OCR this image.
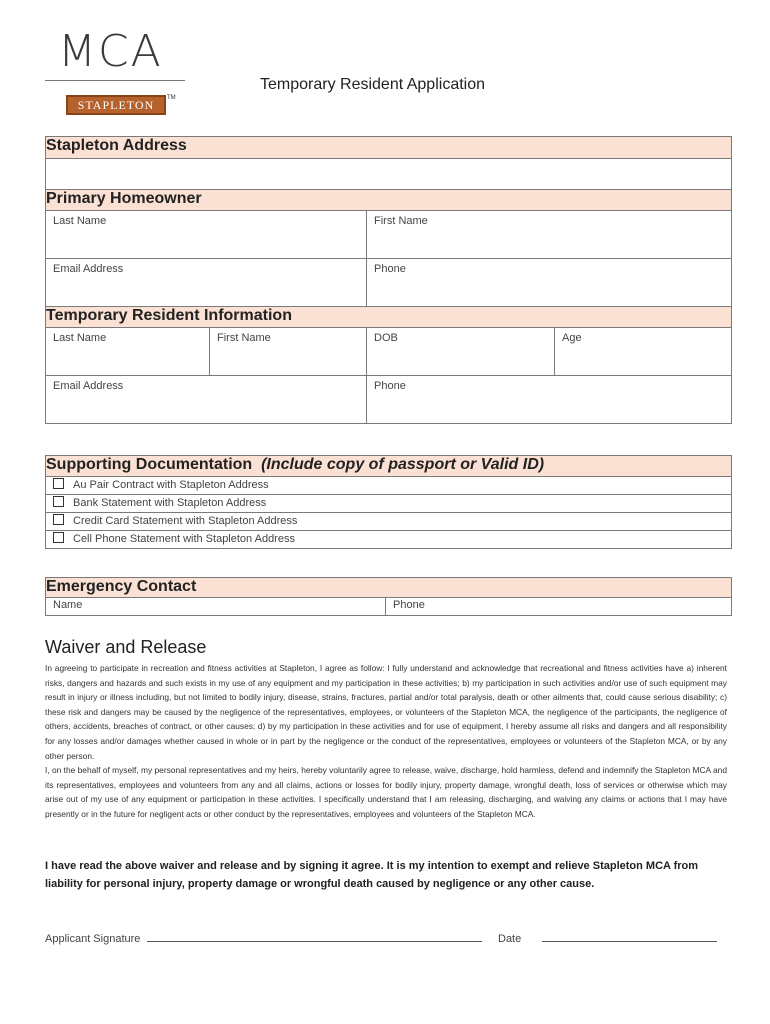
MCA
STAPLETON	TM
Temporary Resident Application
Stapleton Address			

Primary Homeowner			
Last Name		First Name	
Email Address		Phone	
Temporary Resident Information			
Last Name	First Name	DOB	Age
Email Address		Phone	
Supporting Documentation (Include copy of passport or Valid ID)
Au Pair Contract with Stapleton Address
Bank Statement with Stapleton Address
Credit Card Statement with Stapleton Address
Cell Phone Statement with Stapleton Address
Emergency Contact
Name	Phone
Waiver and Release

In agreeing to participate in recreation and fitness activities at Stapleton, I agree as follow: I fully understand and acknowledge that recreational and fitness activities have a) inherent risks, dangers and hazards and such exists in my use of any equipment and my participation in these activities; b) my participation in such activities and/or use of such equipment may result in injury or illness including, but not limited to bodily injury, disease, strains, fractures, partial and/or total paralysis, death or other ailments that, could cause serious disability; c) these risk and dangers may be caused by the negligence of the representatives, employees, or volunteers of the Stapleton MCA, the negligence of the participants, the negligence of others, accidents, breaches of contract, or other causes; d) by my participation in these activities and for use of equipment, I hereby assume all risks and dangers and all responsibility for any losses and/or damages whether caused in whole or in part by the negligence or the conduct of the representatives, employees or volunteers of the Stapleton MCA, or by any other person.

I, on the behalf of myself, my personal representatives and my heirs, hereby voluntarily agree to release, waive, discharge, hold harmless, defend and indemnify the Stapleton MCA and its representatives, employees and volunteers from any and all claims, actions or losses for bodily injury, property damage, wrongful death, loss of services or otherwise which may arise out of my use of any equipment or participation in these activities. I specifically understand that I am releasing, discharging, and waiving any claims or actions that I may have presently or in the future for negligent acts or other conduct by the representatives, employees and volunteers of the Stapleton MCA.

I have read the above waiver and release and by signing it agree. It is my intention to exempt and relieve Stapleton MCA from liability for personal injury, property damage or wrongful death caused by negligence or any other cause.
Applicant Signature	Date
